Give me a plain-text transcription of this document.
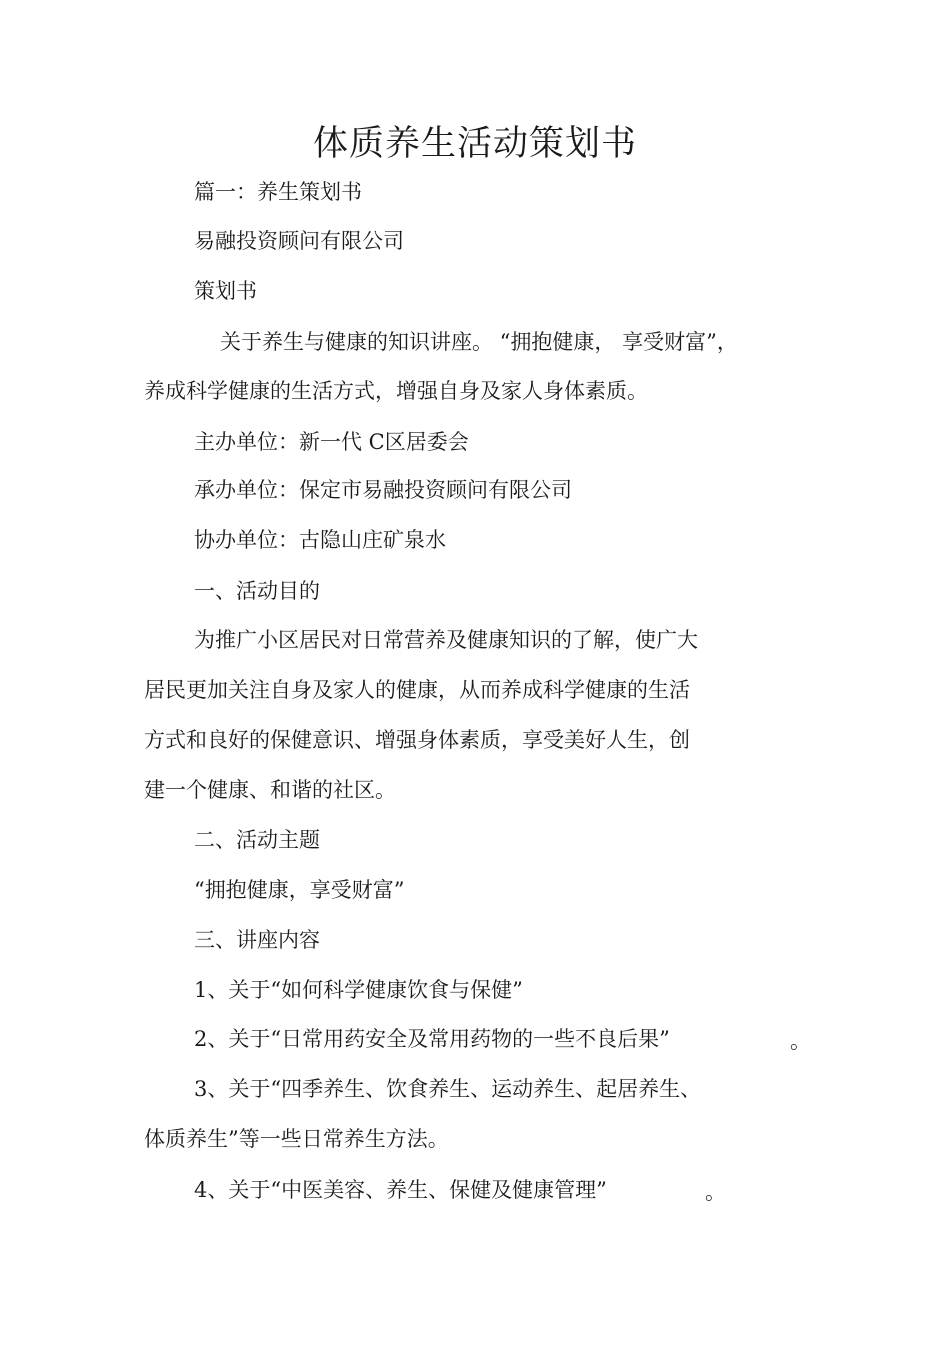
体质养生活动策划书
篇一：养生策划书
易融投资顾问有限公司
策划书
关于养生与健康的知识讲座。 “拥抱健康， 享受财富”，
养成科学健康的生活方式，增强自身及家人身体素质。
主办单位：新一代 C区居委会
承办单位：保定市易融投资顾问有限公司
协办单位：古隐山庄矿泉水
一、活动目的
为推广小区居民对日常营养及健康知识的了解，使广大
居民更加关注自身及家人的健康，从而养成科学健康的生活
方式和良好的保健意识、增强身体素质，享受美好人生，创
建一个健康、和谐的社区。
二、活动主题
“拥抱健康，享受财富”
三、讲座内容
1、关于“如何科学健康饮食与保健”
2、关于“日常用药安全及常用药物的一些不良后果”	。
3、关于“四季养生、饮食养生、运动养生、起居养生、
体质养生”等一些日常养生方法。
4、关于“中医美容、养生、保健及健康管理”	。
